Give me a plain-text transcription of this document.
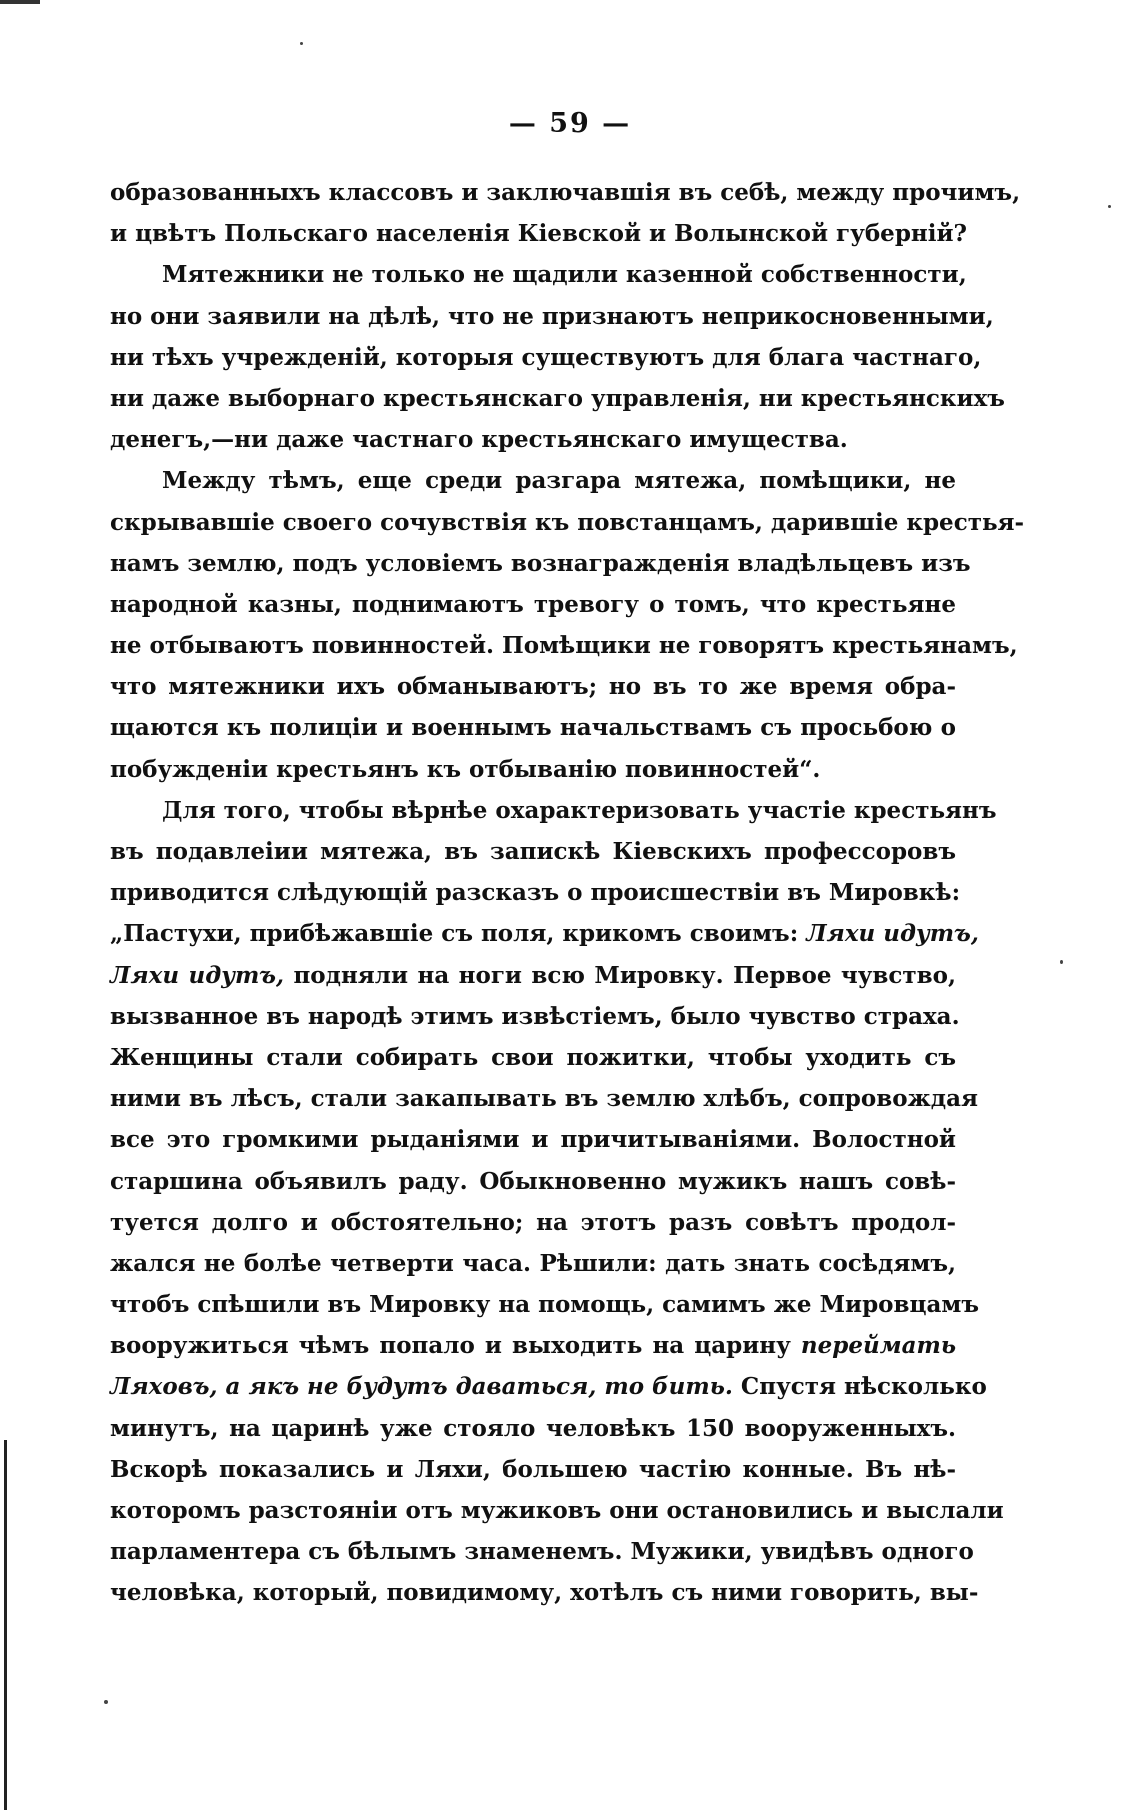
— 59 —
образованныхъ классовъ и заключавшія въ себѣ, между прочимъ,
и цвѣтъ Польскаго населенія Кіевской и Волынской губерній?
Мятежники не только не щадили казенной собственности,
но они заявили на дѣлѣ, что не признаютъ неприкосновенными,
ни тѣхъ учрежденій, которыя существуютъ для блага частнаго,
ни даже выборнаго крестьянскаго управленія, ни крестьянскихъ
денегъ,—ни даже частнаго крестьянскаго имущества.
Между тѣмъ, еще среди разгара мятежа, помѣщики, не
скрывавшіе своего сочувствія къ повстанцамъ, дарившіе крестья-
намъ землю, подъ условіемъ вознагражденія владѣльцевъ изъ
народной казны, поднимаютъ тревогу о томъ, что крестьяне
не отбываютъ повинностей. Помѣщики не говорятъ крестьянамъ,
что мятежники ихъ обманываютъ; но въ то же время обра-
щаются къ полиціи и военнымъ начальствамъ съ просьбою о
побужденіи крестьянъ къ отбыванію повинностей“.
Для того, чтобы вѣрнѣе охарактеризовать участіе крестьянъ
въ подавлеіии мятежа, въ запискѣ Кіевскихъ профессоровъ
приводится слѣдующій разсказъ о происшествіи въ Мировкѣ:
„Пастухи, прибѣжавшіе съ поля, крикомъ своимъ: Ляхи идутъ,
Ляхи идутъ, подняли на ноги всю Мировку. Первое чувство,
вызванное въ народѣ этимъ извѣстіемъ, было чувство страха.
Женщины стали собирать свои пожитки, чтобы уходить съ
ними въ лѣсъ, стали закапывать въ землю хлѣбъ, сопровождая
все это громкими рыданіями и причитываніями. Волостной
старшина объявилъ раду. Обыкновенно мужикъ нашъ совѣ-
туется долго и обстоятельно; на этотъ разъ совѣтъ продол-
жался не болѣе четверти часа. Рѣшили: дать знать сосѣдямъ,
чтобъ спѣшили въ Мировку на помощь, самимъ же Мировцамъ
вооружиться чѣмъ попало и выходить на царину переймать
Ляховъ, а якъ не будутъ даваться, то бить. Спустя нѣсколько
минутъ, на царинѣ уже стояло человѣкъ 150 вооруженныхъ.
Вскорѣ показались и Ляхи, большею частію конные. Въ нѣ-
которомъ разстояніи отъ мужиковъ они остановились и выслали
парламентера съ бѣлымъ знаменемъ. Мужики, увидѣвъ одного
человѣка, который, повидимому, хотѣлъ съ ними говорить, вы-
